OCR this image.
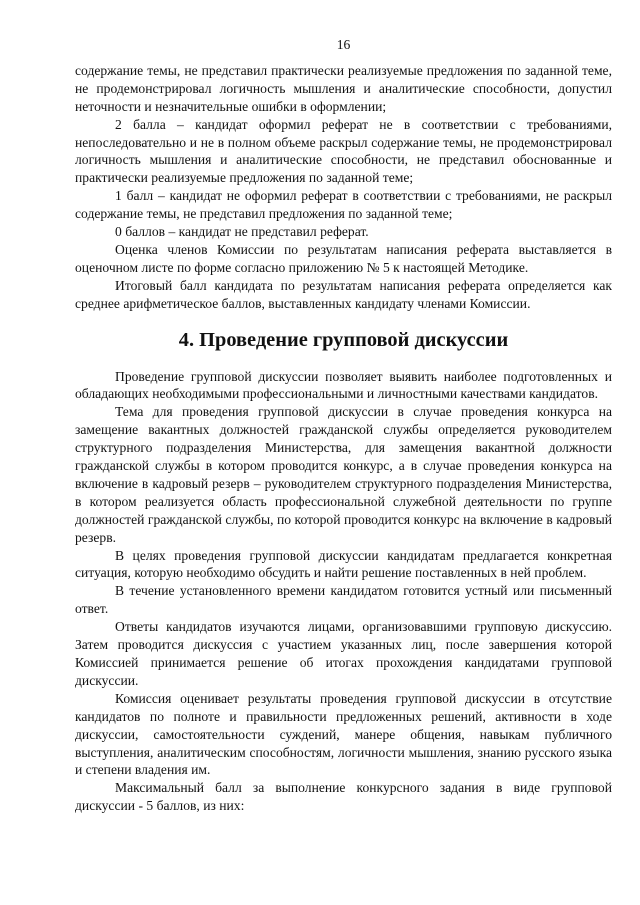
16

содержание темы, не представил практически реализуемые предложения по заданной теме, не продемонстрировал логичность мышления и аналитические способности, допустил неточности и незначительные ошибки в оформлении;

2 балла – кандидат оформил реферат не в соответствии с требованиями, непоследовательно и не в полном объеме раскрыл содержание темы, не продемонстрировал логичность мышления и аналитические способности, не представил обоснованные и практически реализуемые предложения по заданной теме;

1 балл – кандидат не оформил реферат в соответствии с требованиями, не раскрыл содержание темы, не представил предложения по заданной теме;

0 баллов – кандидат не представил реферат.

Оценка членов Комиссии по результатам написания реферата выставляется в оценочном листе по форме согласно приложению № 5 к настоящей Методике.

Итоговый балл кандидата по результатам написания реферата определяется как среднее арифметическое баллов, выставленных кандидату членами Комиссии.

4. Проведение групповой дискуссии

Проведение групповой дискуссии позволяет выявить наиболее подготовленных и обладающих необходимыми профессиональными и личностными качествами кандидатов.

Тема для проведения групповой дискуссии в случае проведения конкурса на замещение вакантных должностей гражданской службы определяется руководителем структурного подразделения Министерства, для замещения вакантной должности гражданской службы в котором проводится конкурс, а в случае проведения конкурса на включение в кадровый резерв – руководителем структурного подразделения Министерства, в котором реализуется область профессиональной служебной деятельности по группе должностей гражданской службы, по которой проводится конкурс на включение в кадровый резерв.

В целях проведения групповой дискуссии кандидатам предлагается конкретная ситуация, которую необходимо обсудить и найти решение поставленных в ней проблем.

В течение установленного времени кандидатом готовится устный или письменный ответ.

Ответы кандидатов изучаются лицами, организовавшими групповую дискуссию. Затем проводится дискуссия с участием указанных лиц, после завершения которой Комиссией принимается решение об итогах прохождения кандидатами групповой дискуссии.

Комиссия оценивает результаты проведения групповой дискуссии в отсутствие кандидатов по полноте и правильности предложенных решений, активности в ходе дискуссии, самостоятельности суждений, манере общения, навыкам публичного выступления, аналитическим способностям, логичности мышления, знанию русского языка и степени владения им.

Максимальный балл за выполнение конкурсного задания в виде групповой дискуссии - 5 баллов, из них:
